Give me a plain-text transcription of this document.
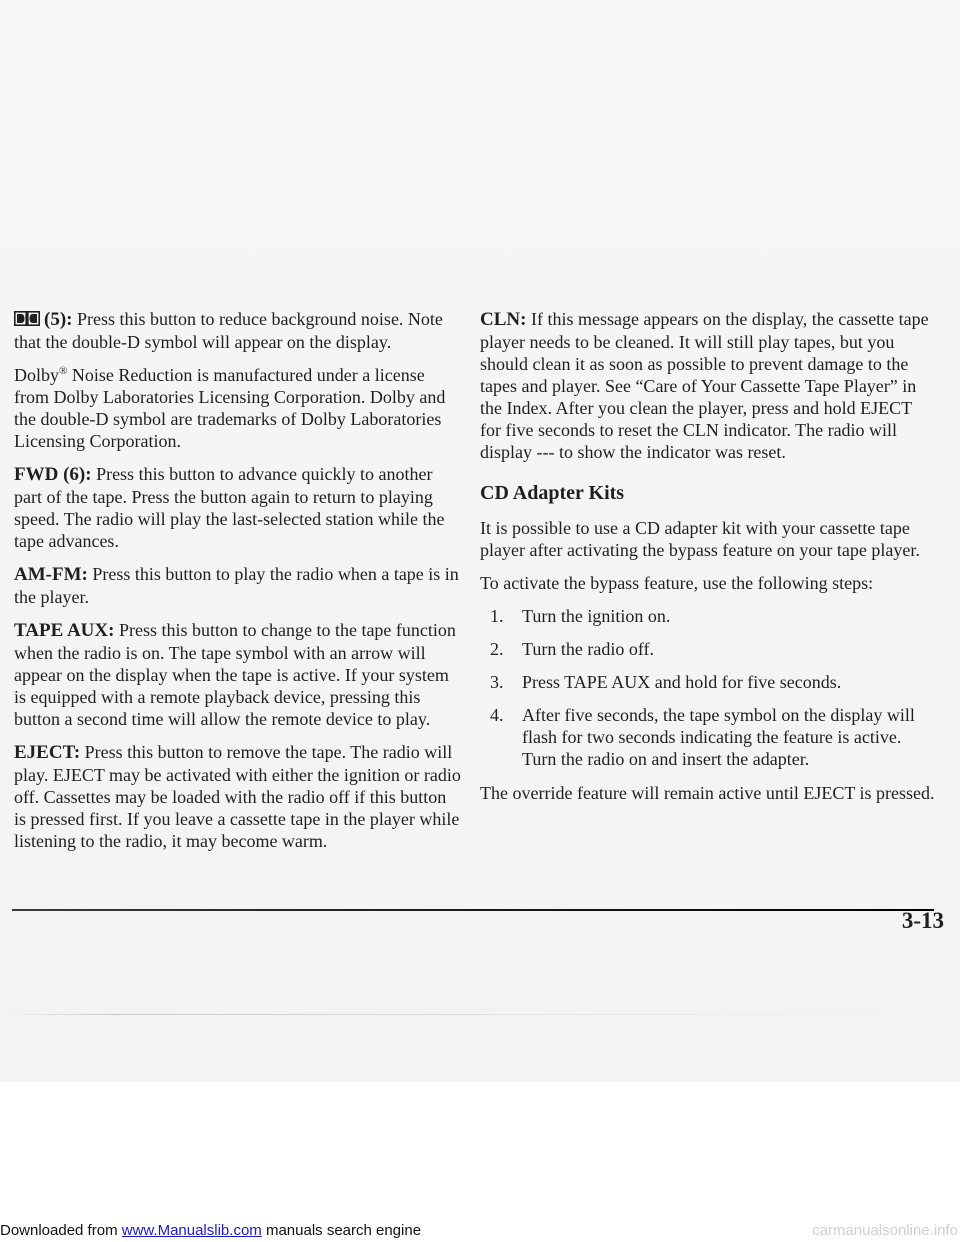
(5): Press this button to reduce background noise. Note that the double-D symbol will appear on the display.

Dolby® Noise Reduction is manufactured under a license from Dolby Laboratories Licensing Corporation. Dolby and the double-D symbol are trademarks of Dolby Laboratories Licensing Corporation.

FWD (6): Press this button to advance quickly to another part of the tape. Press the button again to return to playing speed. The radio will play the last-selected station while the tape advances.

AM-FM: Press this button to play the radio when a tape is in the player.

TAPE AUX: Press this button to change to the tape function when the radio is on. The tape symbol with an arrow will appear on the display when the tape is active. If your system is equipped with a remote playback device, pressing this button a second time will allow the remote device to play.

EJECT: Press this button to remove the tape. The radio will play. EJECT may be activated with either the ignition or radio off. Cassettes may be loaded with the radio off if this button is pressed first. If you leave a cassette tape in the player while listening to the radio, it may become warm.

CLN: If this message appears on the display, the cassette tape player needs to be cleaned. It will still play tapes, but you should clean it as soon as possible to prevent damage to the tapes and player. See “Care of Your Cassette Tape Player” in the Index. After you clean the player, press and hold EJECT for five seconds to reset the CLN indicator. The radio will display --- to show the indicator was reset.

CD Adapter Kits

It is possible to use a CD adapter kit with your cassette tape player after activating the bypass feature on your tape player.

To activate the bypass feature, use the following steps:

1. Turn the ignition on.
2. Turn the radio off.
3. Press TAPE AUX and hold for five seconds.
4. After five seconds, the tape symbol on the display will flash for two seconds indicating the feature is active. Turn the radio on and insert the adapter.

The override feature will remain active until EJECT is pressed.

3-13
Downloaded from www.Manualslib.com manuals search engine	carmanualsonline.info
